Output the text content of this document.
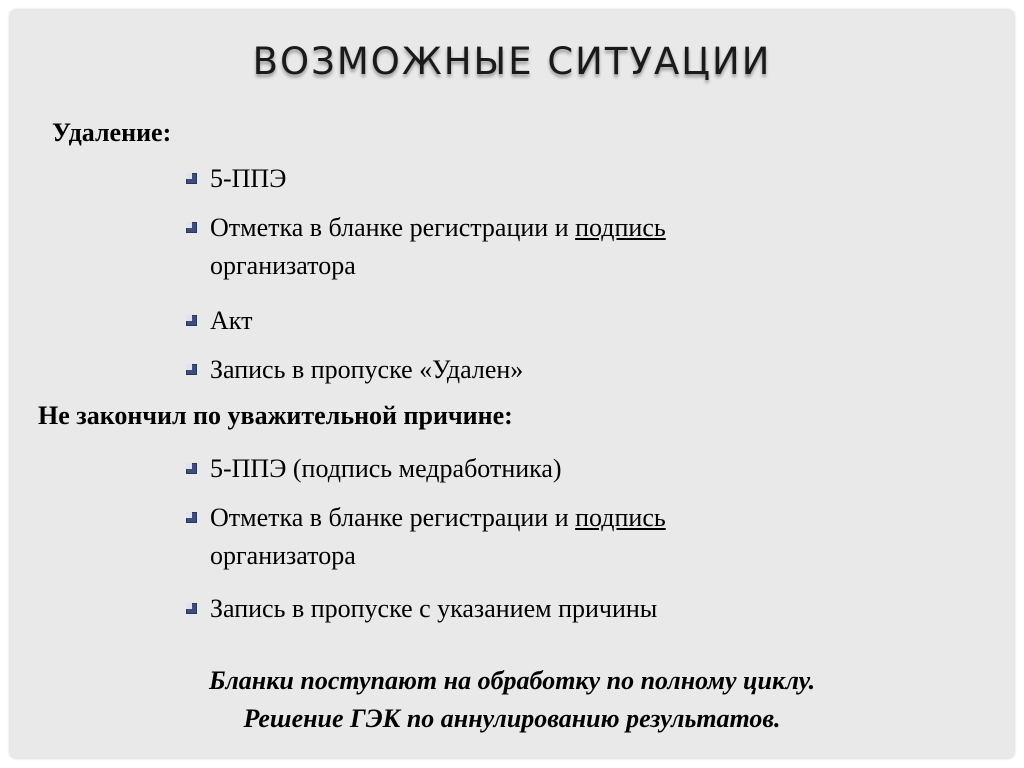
ВОЗМОЖНЫЕ СИТУАЦИИ
Удаление:
5-ППЭ
Отметка в бланке регистрации и подпись
организатора
Акт
Запись в пропуске «Удален»
Не закончил по уважительной причине:
5-ППЭ (подпись медработника)
Отметка в бланке регистрации и подпись
организатора
Запись в пропуске с указанием причины
Бланки поступают на обработку по полному циклу.
Решение ГЭК по аннулированию результатов.
